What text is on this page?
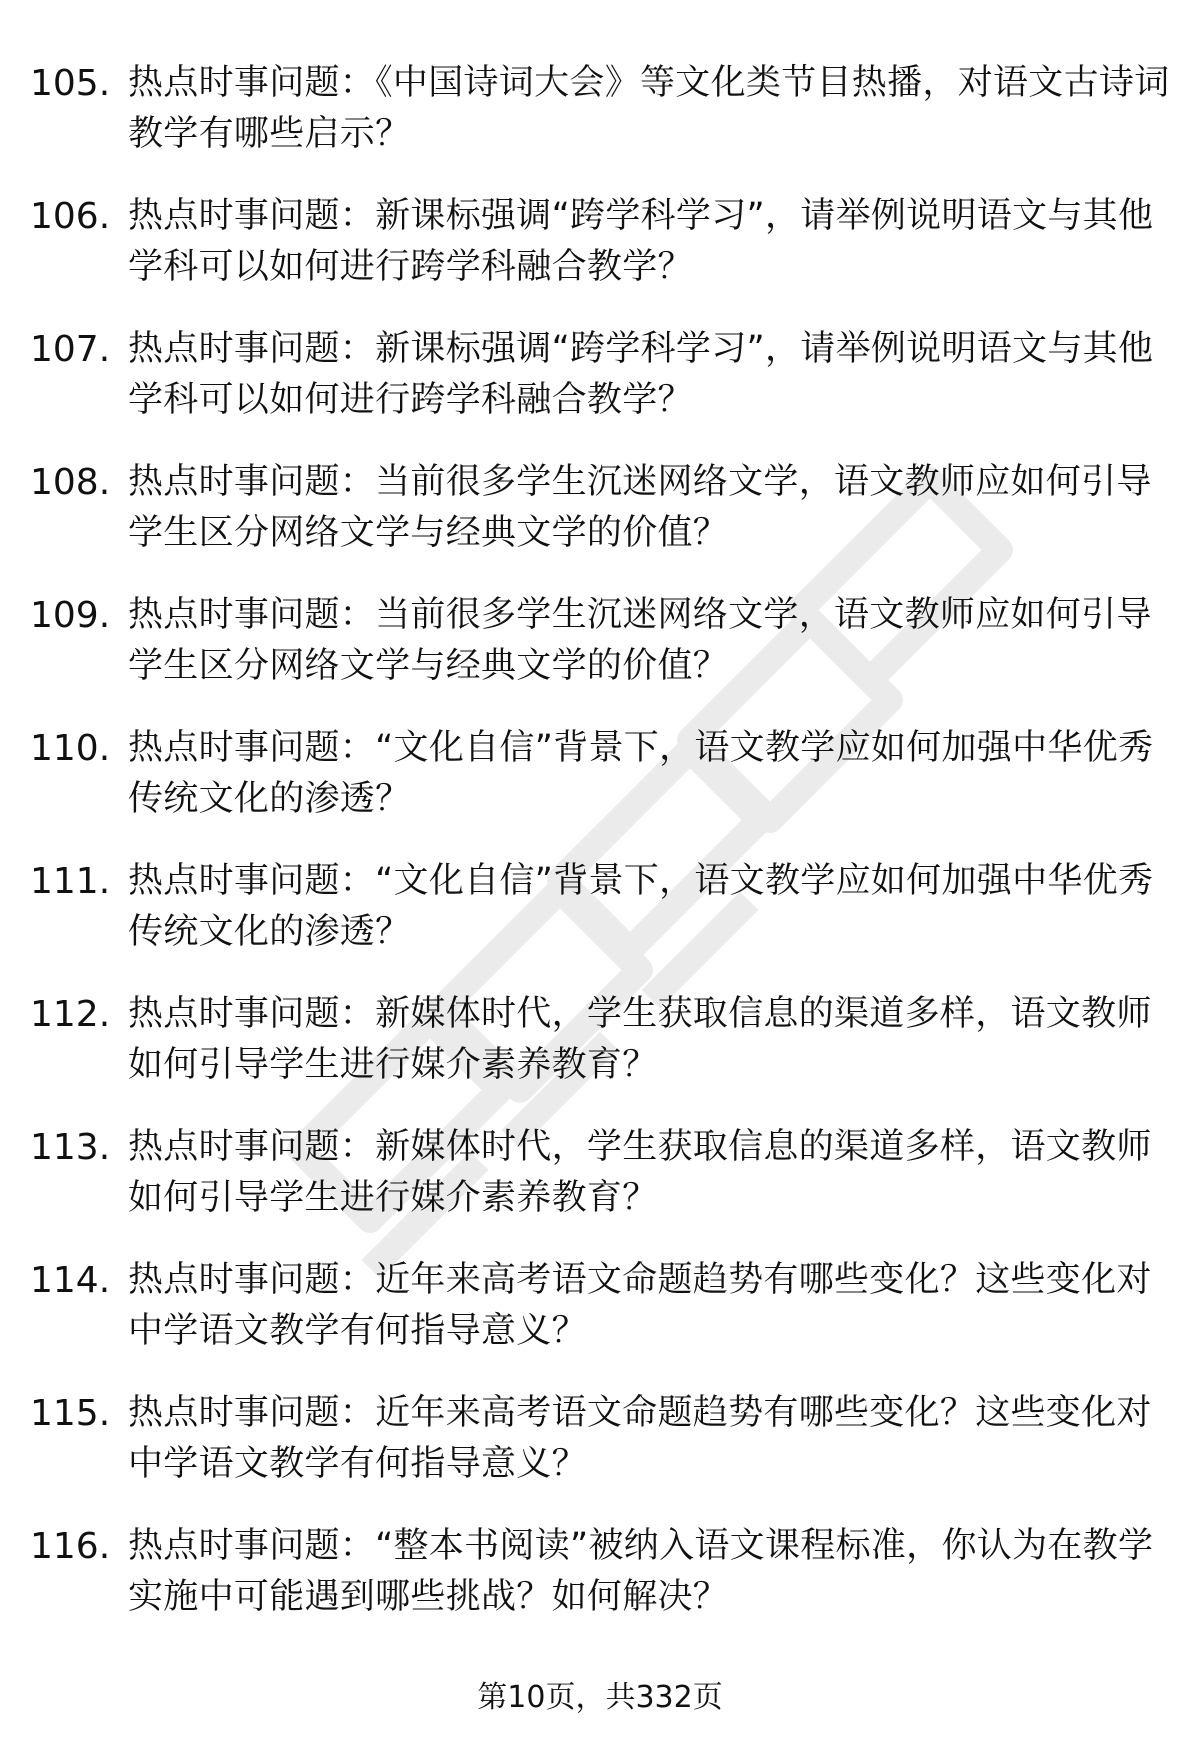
105. 热点时事问题：《中国诗词大会》等文化类节目热播，对语文古诗词教学有哪些启示？
106. 热点时事问题：新课标强调“跨学科学习”，请举例说明语文与其他学科可以如何进行跨学科融合教学？
107. 热点时事问题：新课标强调“跨学科学习”，请举例说明语文与其他学科可以如何进行跨学科融合教学？
108. 热点时事问题：当前很多学生沉迷网络文学，语文教师应如何引导学生区分网络文学与经典文学的价值？
109. 热点时事问题：当前很多学生沉迷网络文学，语文教师应如何引导学生区分网络文学与经典文学的价值？
110. 热点时事问题：“文化自信”背景下，语文教学应如何加强中华优秀传统文化的渗透？
111. 热点时事问题：“文化自信”背景下，语文教学应如何加强中华优秀传统文化的渗透？
112. 热点时事问题：新媒体时代，学生获取信息的渠道多样，语文教师如何引导学生进行媒介素养教育？
113. 热点时事问题：新媒体时代，学生获取信息的渠道多样，语文教师如何引导学生进行媒介素养教育？
114. 热点时事问题：近年来高考语文命题趋势有哪些变化？这些变化对中学语文教学有何指导意义？
115. 热点时事问题：近年来高考语文命题趋势有哪些变化？这些变化对中学语文教学有何指导意义？
116. 热点时事问题：“整本书阅读”被纳入语文课程标准，你认为在教学实施中可能遇到哪些挑战？如何解决？
第10页，共332页
